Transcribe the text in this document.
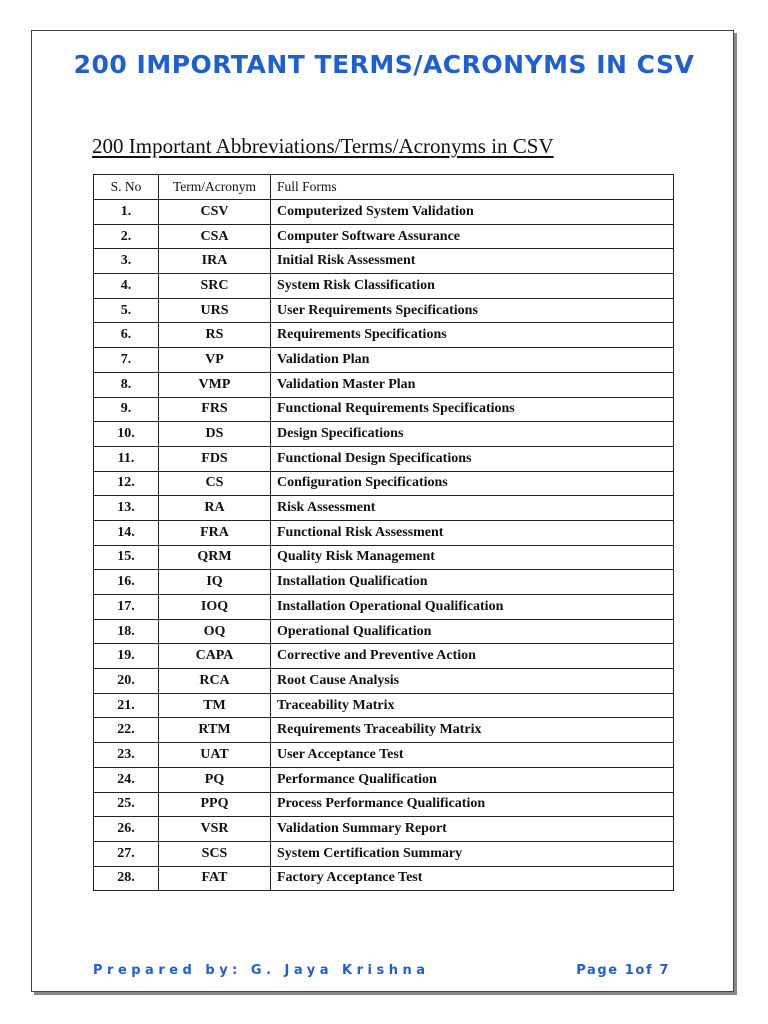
200 IMPORTANT TERMS/ACRONYMS IN CSV
200 Important Abbreviations/Terms/Acronyms in CSV
S. No	Term/Acronym	Full Forms
1.	CSV	Computerized System Validation
2.	CSA	Computer Software Assurance
3.	IRA	Initial Risk Assessment
4.	SRC	System Risk Classification
5.	URS	User Requirements Specifications
6.	RS	Requirements Specifications
7.	VP	Validation Plan
8.	VMP	Validation Master Plan
9.	FRS	Functional Requirements Specifications
10.	DS	Design Specifications
11.	FDS	Functional Design Specifications
12.	CS	Configuration Specifications
13.	RA	Risk Assessment
14.	FRA	Functional Risk Assessment
15.	QRM	Quality Risk Management
16.	IQ	Installation Qualification
17.	IOQ	Installation Operational Qualification
18.	OQ	Operational Qualification
19.	CAPA	Corrective and Preventive Action
20.	RCA	Root Cause Analysis
21.	TM	Traceability Matrix
22.	RTM	Requirements Traceability Matrix
23.	UAT	User Acceptance Test
24.	PQ	Performance Qualification
25.	PPQ	Process Performance Qualification
26.	VSR	Validation Summary Report
27.	SCS	System Certification Summary
28.	FAT	Factory Acceptance Test
Prepared by: G. Jaya Krishna	Page 1of 7
